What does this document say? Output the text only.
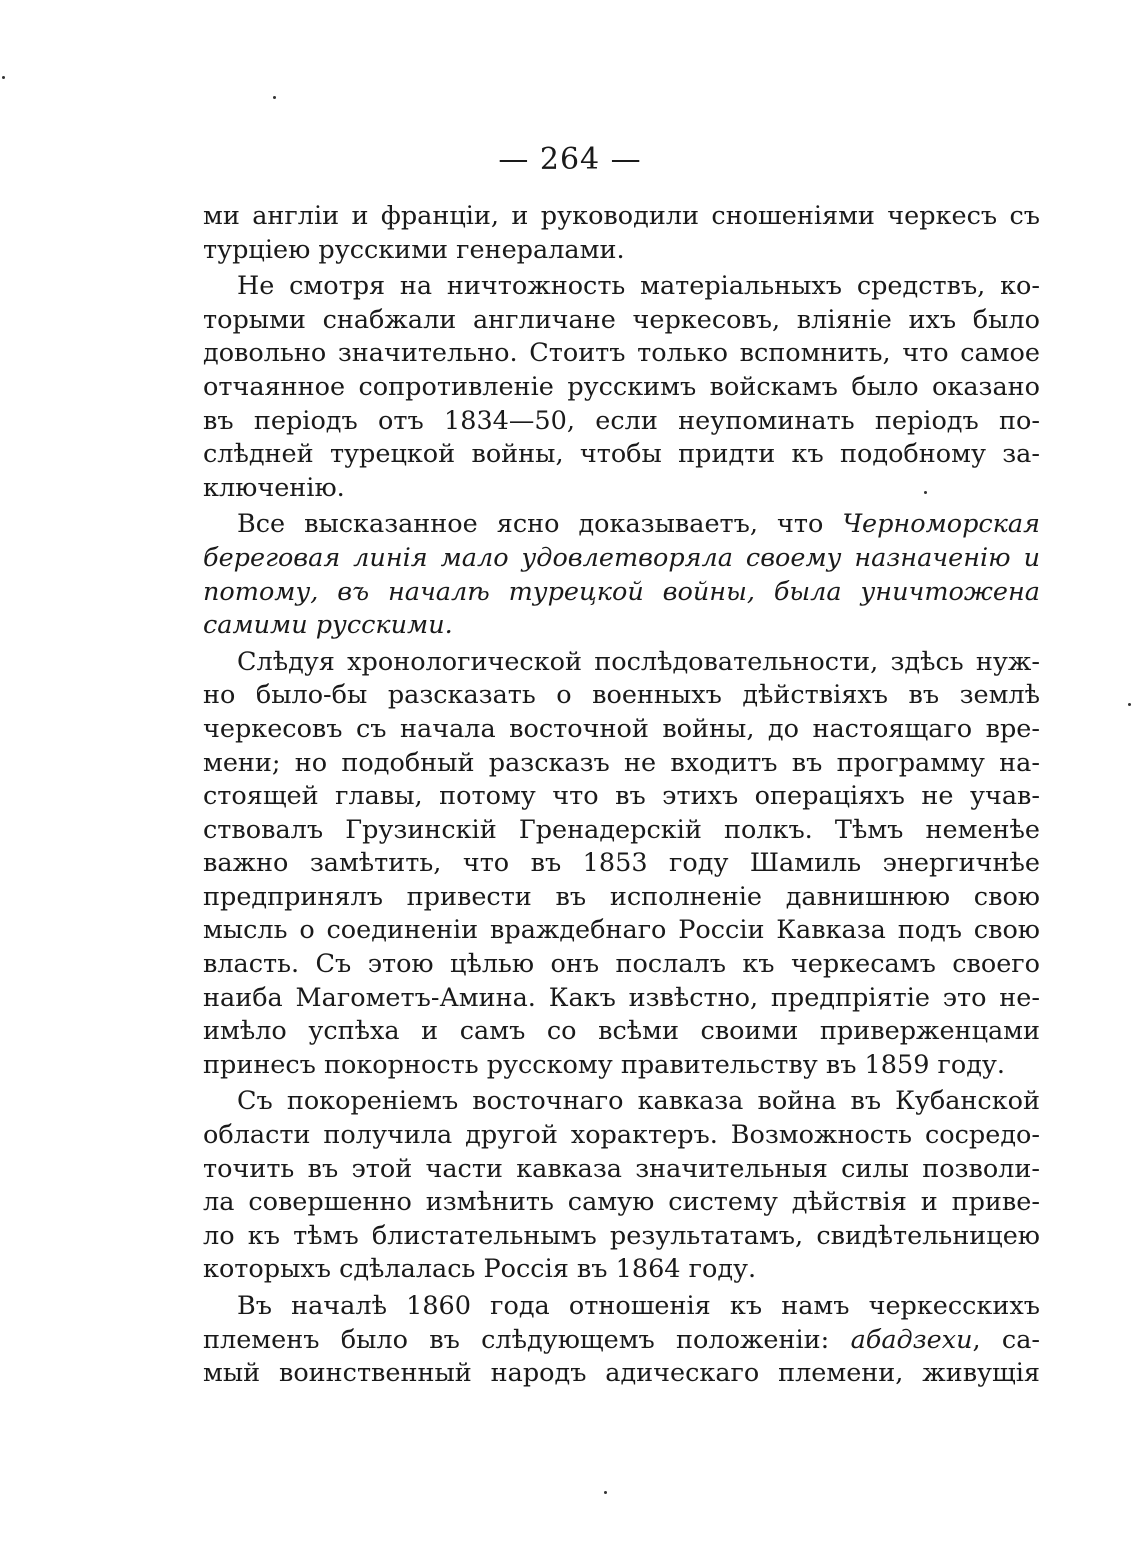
— 264 —
ми англіи и франціи, и руководили сношеніями черкесъ съ
турціею русскими генералами.
Не смотря на ничтожность матеріальныхъ средствъ, ко-
торыми снабжали англичане черкесовъ, вліяніе ихъ было
довольно значительно. Стоитъ только вспомнить, что самое
отчаянное сопротивленіе русскимъ войскамъ было оказано
въ періодъ отъ 1834—50, если неупоминать періодъ по-
слѣдней турецкой войны, чтобы придти къ подобному за-
ключенію.
Все высказанное ясно доказываетъ, что Черноморская
береговая линія мало удовлетворяла своему назначенію и
потому, въ началѣ турецкой войны, была уничтожена
самими русскими.
Слѣдуя хронологической послѣдовательности, здѣсь нуж-
но было-бы разсказать о военныхъ дѣйствіяхъ въ землѣ
черкесовъ съ начала восточной войны, до настоящаго вре-
мени; но подобный разсказъ не входитъ въ программу на-
стоящей главы, потому что въ этихъ операціяхъ не учав-
ствовалъ Грузинскій Гренадерскій полкъ. Тѣмъ неменѣе
важно замѣтить, что въ 1853 году Шамиль энергичнѣе
предпринялъ привести въ исполненіе давнишнюю свою
мысль о соединеніи враждебнаго Россіи Кавказа подъ свою
власть. Съ этою цѣлью онъ послалъ къ черкесамъ своего
наиба Магометъ-Амина. Какъ извѣстно, предпріятіе это не-
имѣло успѣха и самъ со всѣми своими приверженцами
принесъ покорность русскому правительству въ 1859 году.
Съ покореніемъ восточнаго кавказа война въ Кубанской
области получила другой хорактеръ. Возможность сосредо-
точить въ этой части кавказа значительныя силы позволи-
ла совершенно измѣнить самую систему дѣйствія и приве-
ло къ тѣмъ блистательнымъ результатамъ, свидѣтельницею
которыхъ сдѣлалась Россія въ 1864 году.
Въ началѣ 1860 года отношенія къ намъ черкесскихъ
племенъ было въ слѣдующемъ положеніи: абадзехи, са-
мый воинственный народъ адическаго племени, живущія
